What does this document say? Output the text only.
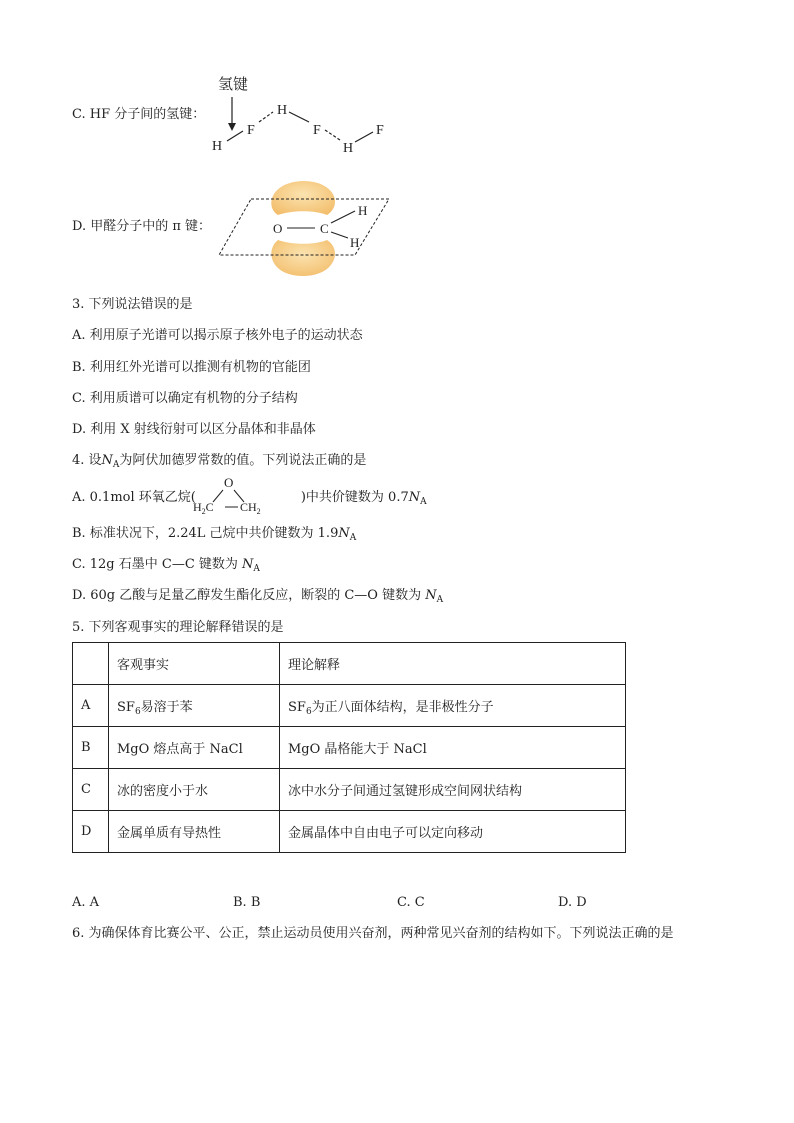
C. HF 分子间的氢键：
氢键
H
F
H
F
H
F
D. 甲醛分子中的 π 键：	O	C
H
H
3. 下列说法错误的是
A. 利用原子光谱可以揭示原子核外电子的运动状态
B. 利用红外光谱可以推测有机物的官能团
C. 利用质谱可以确定有机物的分子结构
D. 利用 X 射线衍射可以区分晶体和非晶体
4. 设$N_A$为阿伏加德罗常数的值。下列说法正确的是
A. 0.1mol 环氧乙烷(	)中共价键数为 $0.7N_A$
O
$H_2C$ $CH_2$
B. 标准状况下，2.24L 己烷中共价键数为 $1.9N_A$
C. 12g 石墨中 C—C 键数为 $N_A$
D. 60g 乙酸与足量乙醇发生酯化反应，断裂的 C—O 键数为 $N_A$
5. 下列客观事实的理论解释错误的是
	客观事实	理论解释
A	$SF_6$易溶于苯	$SF_6$为正八面体结构，是非极性分子
B	MgO 熔点高于 NaCl	MgO 晶格能大于 NaCl
C	冰的密度小于水	冰中水分子间通过氢键形成空间网状结构
D	金属单质有导热性	金属晶体中自由电子可以定向移动
A. A	B. B	C. C	D. D
6. 为确保体育比赛公平、公正，禁止运动员使用兴奋剂，两种常见兴奋剂的结构如下。下列说法正确的是
